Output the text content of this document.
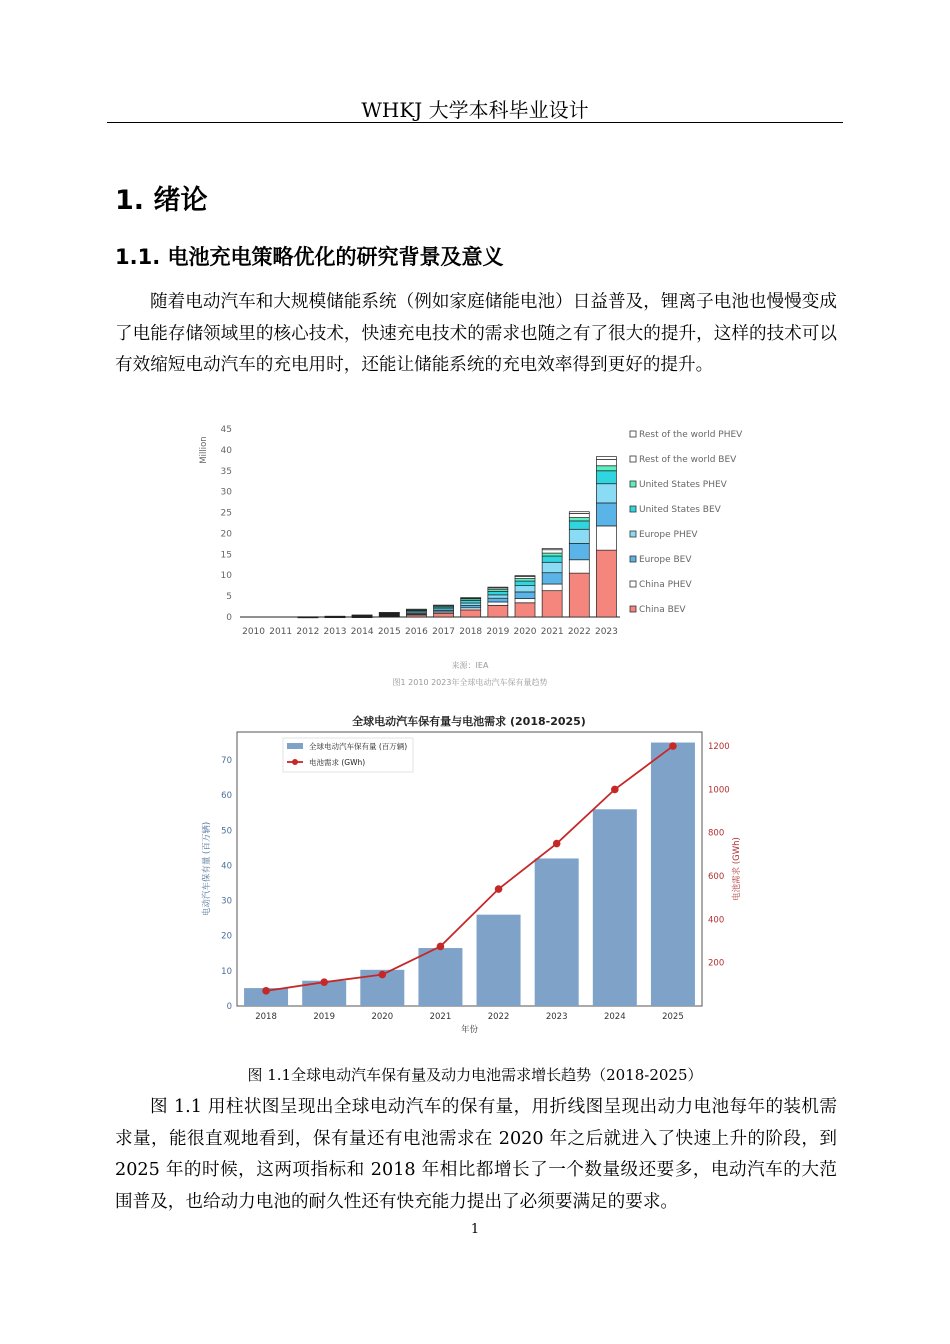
WHKJ 大学本科毕业设计
1. 绪论
1.1. 电池充电策略优化的研究背景及意义
随着电动汽车和大规模储能系统（例如家庭储能电池）日益普及，锂离子电池也慢慢变成了电能存储领域里的核心技术，快速充电技术的需求也随之有了很大的提升，这样的技术可以有效缩短电动汽车的充电用时，还能让储能系统的充电效率得到更好的提升。
Million
0
5
10
15
20
25
30
35
40
45
2010 2011 2012 2013 2014 2015 2016 2017 2018 2019 2020 2021 2022 2023
Rest of the world PHEV
Rest of the world BEV
United States PHEV
United States BEV
Europe PHEV
Europe BEV
China PHEV
China BEV
来源：IEA
图1 2010 2023年全球电动汽车保有量趋势
全球电动汽车保有量与电池需求 (2018-2025)
0
10
20
30
40
50
60
70
200
400
600
800
1000
1200
电动汽车保有量 (百万辆)	电池需求 (GWh)
2018	2019	2020	2021	2022	2023	2024	2025
年份
全球电动汽车保有量 (百万辆)
电池需求 (GWh)
图 1.1全球电动汽车保有量及动力电池需求增长趋势（2018-2025）
图 1.1 用柱状图呈现出全球电动汽车的保有量，用折线图呈现出动力电池每年的装机需求量，能很直观地看到，保有量还有电池需求在 2020 年之后就进入了快速上升的阶段，到 2025 年的时候，这两项指标和 2018 年相比都增长了一个数量级还要多，电动汽车的大范围普及，也给动力电池的耐久性还有快充能力提出了必须要满足的要求。
1
